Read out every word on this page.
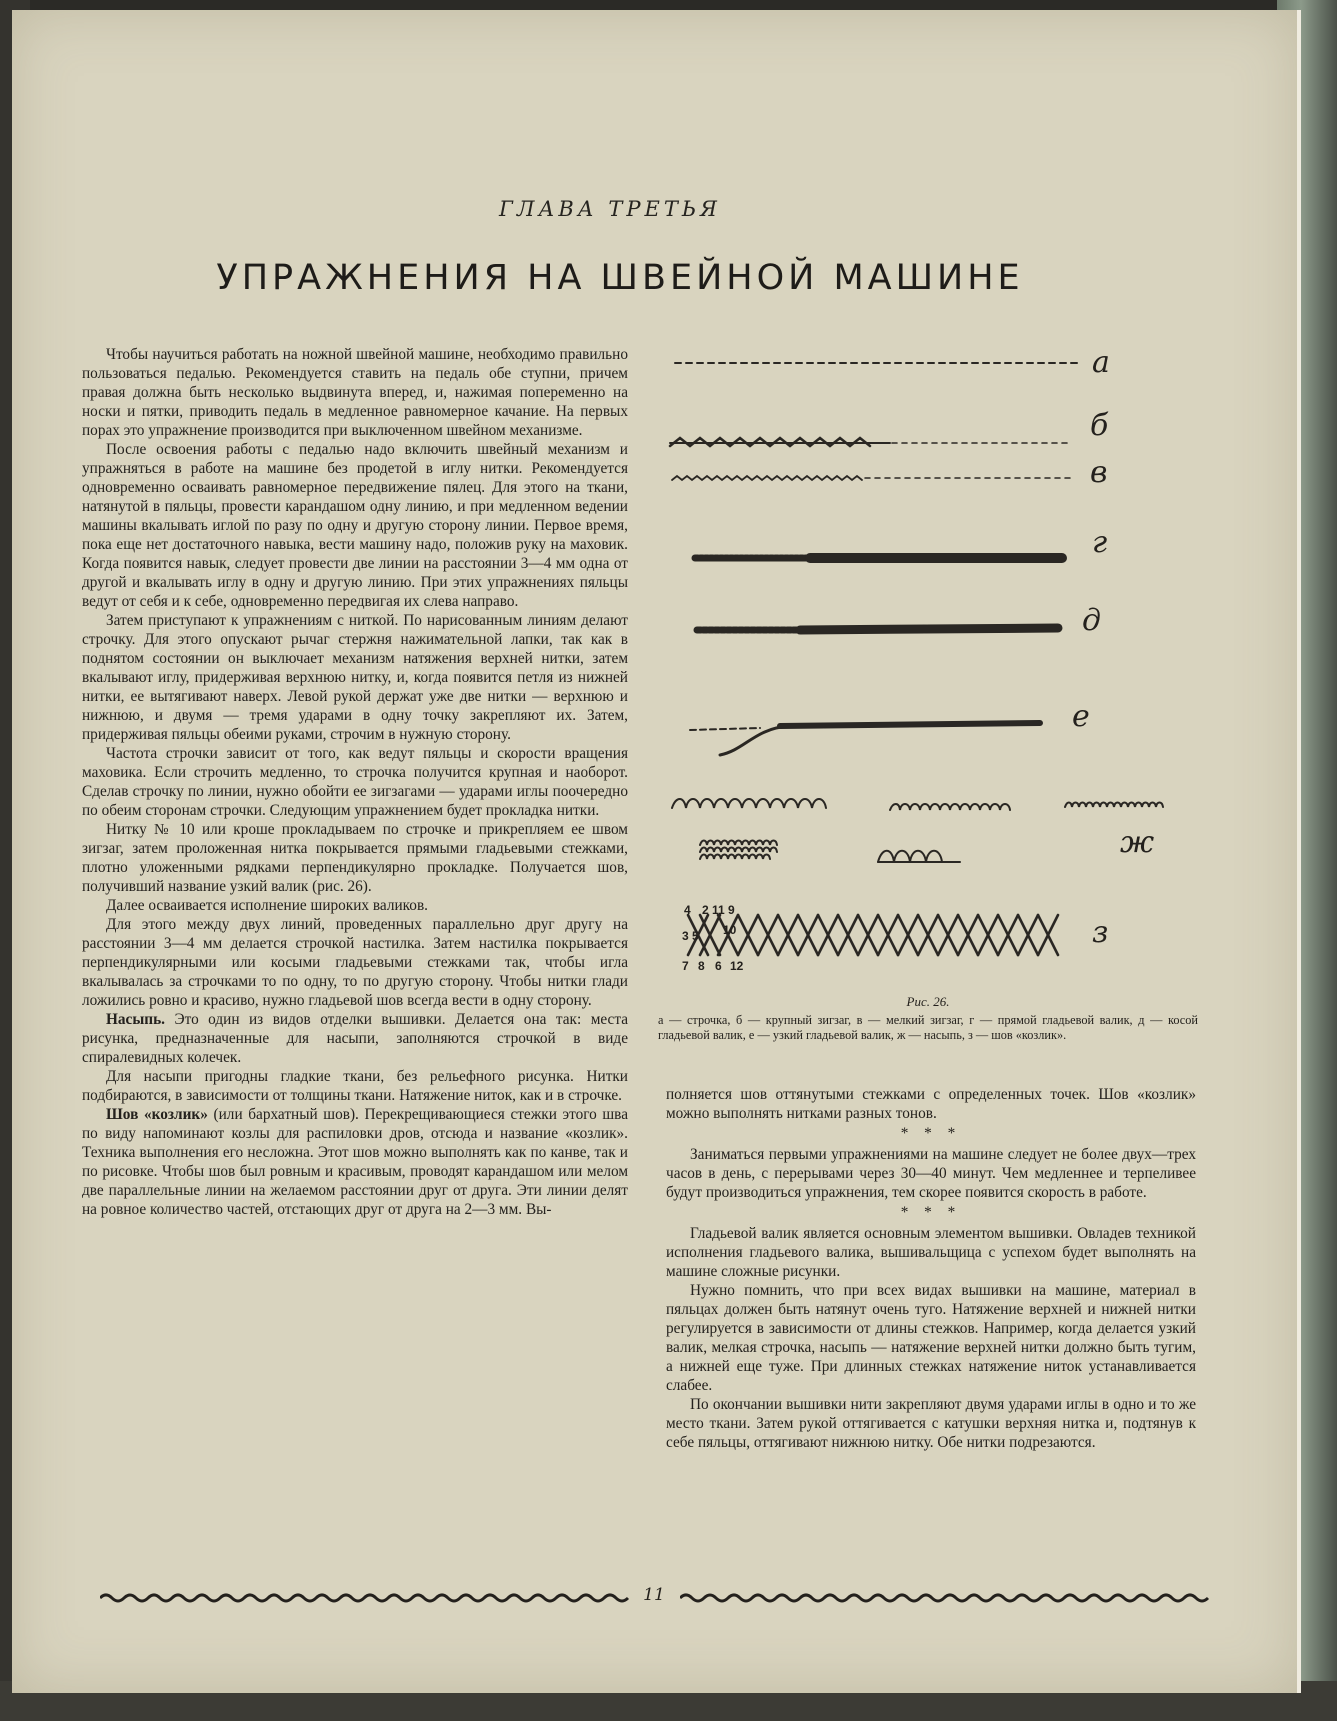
ГЛАВА ТРЕТЬЯ
УПРАЖНЕНИЯ НА ШВЕЙНОЙ МАШИНЕ

Чтобы научиться работать на ножной швейной машине, необходимо правильно пользоваться педалью. Рекомендуется ставить на педаль обе ступни, причем правая должна быть несколько выдвинута вперед, и, нажимая попеременно на носки и пятки, приводить педаль в медленное равномерное качание. На первых порах это упражнение производится при выключенном швейном механизме.

После освоения работы с педалью надо включить швейный механизм и упражняться в работе на машине без продетой в иглу нитки. Рекомендуется одновременно осваивать равномерное передвижение пялец. Для этого на ткани, натянутой в пяльцы, провести карандашом одну линию, и при медленном ведении машины вкалывать иглой по разу по одну и другую сторону линии. Первое время, пока еще нет достаточного навыка, вести машину надо, положив руку на маховик. Когда появится навык, следует провести две линии на расстоянии 3—4 мм одна от другой и вкалывать иглу в одну и другую линию. При этих упражнениях пяльцы ведут от себя и к себе, одновременно передвигая их слева направо.

Затем приступают к упражнениям с ниткой. По нарисованным линиям делают строчку. Для этого опускают рычаг стержня нажимательной лапки, так как в поднятом состоянии он выключает механизм натяжения верхней нитки, затем вкалывают иглу, придерживая верхнюю нитку, и, когда появится петля из нижней нитки, ее вытягивают наверх. Левой рукой держат уже две нитки — верхнюю и нижнюю, и двумя — тремя ударами в одну точку закрепляют их. Затем, придерживая пяльцы обеими руками, строчим в нужную сторону.

Частота строчки зависит от того, как ведут пяльцы и скорости вращения маховика. Если строчить медленно, то строчка получится крупная и наоборот. Сделав строчку по линии, нужно обойти ее зигзагами — ударами иглы поочередно по обеим сторонам строчки. Следующим упражнением будет прокладка нитки.

Нитку № 10 или кроше прокладываем по строчке и прикрепляем ее швом зигзаг, затем проложенная нитка покрывается прямыми гладьевыми стежками, плотно уложенными рядками перпендикулярно прокладке. Получается шов, получивший название узкий валик (рис. 26).

Далее осваивается исполнение широких валиков.

Для этого между двух линий, проведенных параллельно друг другу на расстоянии 3—4 мм делается строчкой настилка. Затем настилка покрывается перпендикулярными или косыми гладьевыми стежками так, чтобы игла вкалывалась за строчками то по одну, то по другую сторону. Чтобы нитки глади ложились ровно и красиво, нужно гладьевой шов всегда вести в одну сторону.

Насыпь. Это один из видов отделки вышивки. Делается она так: места рисунка, предназначенные для насыпи, заполняются строчкой в виде спиралевидных колечек.

Для насыпи пригодны гладкие ткани, без рельефного рисунка. Нитки подбираются, в зависимости от толщины ткани. Натяжение ниток, как и в строчке.

Шов «козлик» (или бархатный шов). Перекрещивающиеся стежки этого шва по виду напоминают козлы для распиловки дров, отсюда и название «козлик». Техника выполнения его несложна. Этот шов можно выполнять как по канве, так и по рисовке. Чтобы шов был ровным и красивым, проводят карандашом или мелом две параллельные линии на желаемом расстоянии друг от друга. Эти линии делят на ровное количество частей, отстающих друг от друга на 2—3 мм. Вы-

а
б
в
г
д
е
ж
з
4 2 11 9
3 5 10
7 8 6 12
Рис. 26.
а — строчка, б — крупный зигзаг, в — мелкий зигзаг, г — прямой гладьевой валик, д — косой гладьевой валик, е — узкий гладьевой валик, ж — насыпь, з — шов «козлик».

полняется шов оттянутыми стежками с определенных точек. Шов «козлик» можно выполнять нитками разных тонов.

* * *

Заниматься первыми упражнениями на машине следует не более двух—трех часов в день, с перерывами через 30—40 минут. Чем медленнее и терпеливее будут производиться упражнения, тем скорее появится скорость в работе.

* * *

Гладьевой валик является основным элементом вышивки. Овладев техникой исполнения гладьевого валика, вышивальщица с успехом будет выполнять на машине сложные рисунки.

Нужно помнить, что при всех видах вышивки на машине, материал в пяльцах должен быть натянут очень туго. Натяжение верхней и нижней нитки регулируется в зависимости от длины стежков. Например, когда делается узкий валик, мелкая строчка, насыпь — натяжение верхней нитки должно быть тугим, а нижней еще туже. При длинных стежках натяжение ниток устанавливается слабее.

По окончании вышивки нити закрепляют двумя ударами иглы в одно и то же место ткани. Затем рукой оттягивается с катушки верхняя нитка и, подтянув к себе пяльцы, оттягивают нижнюю нитку. Обе нитки подрезаются.

11
